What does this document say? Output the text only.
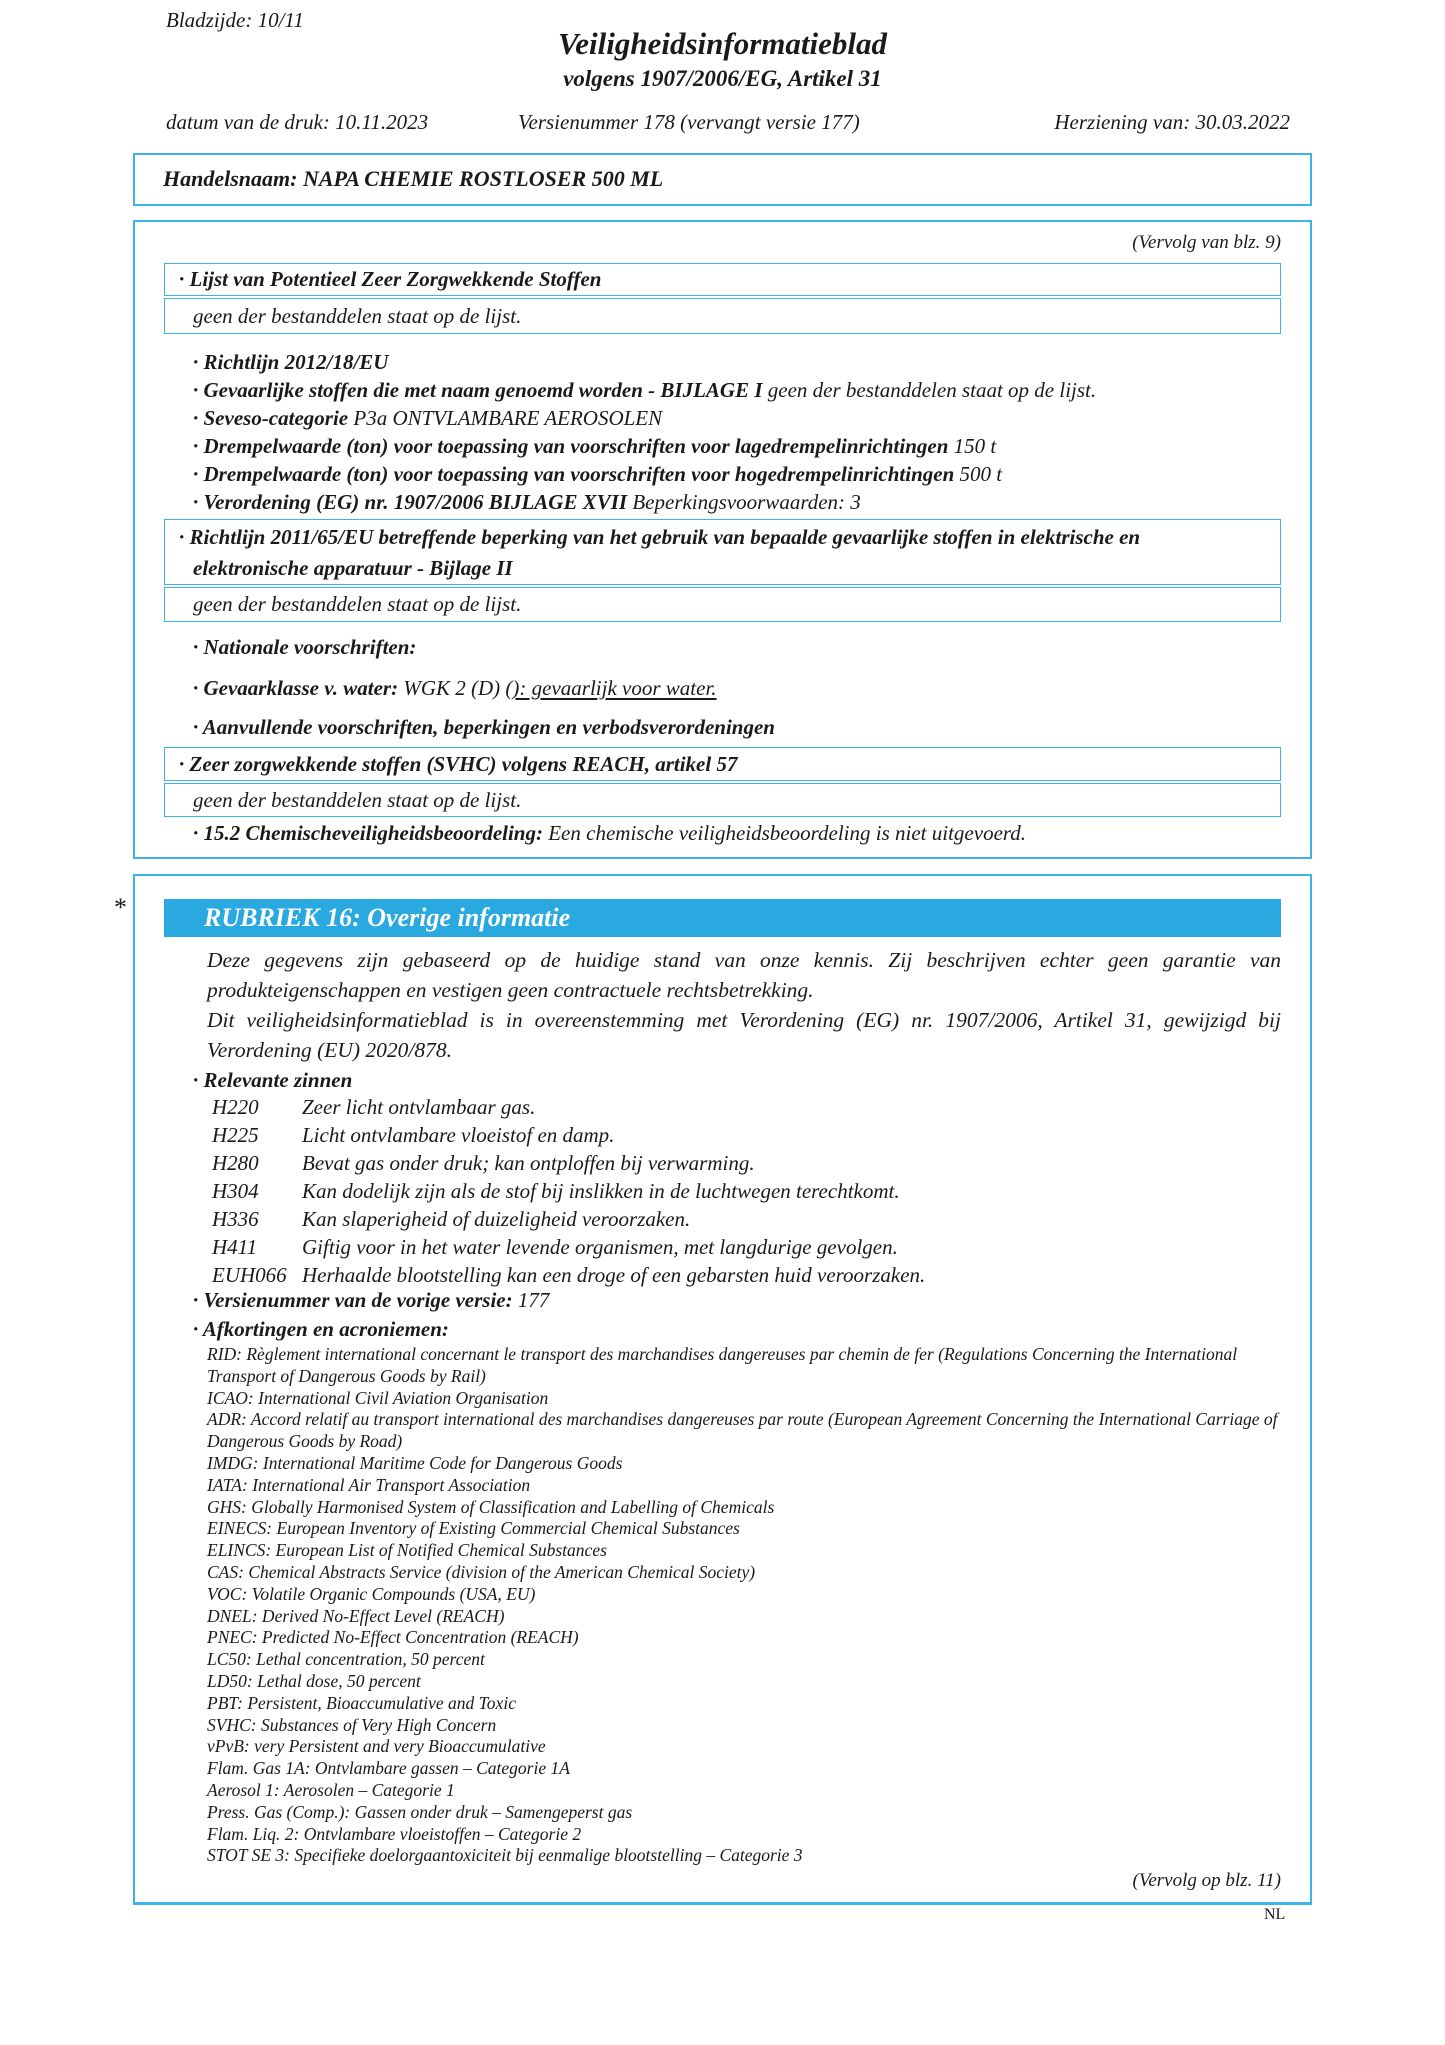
Bladzijde: 10/11
Veiligheidsinformatieblad
volgens 1907/2006/EG, Artikel 31
datum van de druk: 10.11.2023	Versienummer 178 (vervangt versie 177)	Herziening van: 30.03.2022
Handelsnaam: NAPA CHEMIE ROSTLOSER 500 ML
(Vervolg van blz. 9)
· Lijst van Potentieel Zeer Zorgwekkende Stoffen
geen der bestanddelen staat op de lijst.
· Richtlijn 2012/18/EU
· Gevaarlijke stoffen die met naam genoemd worden - BIJLAGE I geen der bestanddelen staat op de lijst.
· Seveso-categorie P3a ONTVLAMBARE AEROSOLEN
· Drempelwaarde (ton) voor toepassing van voorschriften voor lagedrempelinrichtingen 150 t
· Drempelwaarde (ton) voor toepassing van voorschriften voor hogedrempelinrichtingen 500 t
· Verordening (EG) nr. 1907/2006 BIJLAGE XVII Beperkingsvoorwaarden: 3
· Richtlijn 2011/65/EU betreffende beperking van het gebruik van bepaalde gevaarlijke stoffen in elektrische en elektronische apparatuur - Bijlage II
geen der bestanddelen staat op de lijst.
· Nationale voorschriften:
· Gevaarklasse v. water: WGK 2 (D) (): gevaarlijk voor water.
· Aanvullende voorschriften, beperkingen en verbodsverordeningen
· Zeer zorgwekkende stoffen (SVHC) volgens REACH, artikel 57
geen der bestanddelen staat op de lijst.
· 15.2 Chemischeveiligheidsbeoordeling: Een chemische veiligheidsbeoordeling is niet uitgevoerd.
*	RUBRIEK 16: Overige informatie

Deze gegevens zijn gebaseerd op de huidige stand van onze kennis. Zij beschrijven echter geen garantie van produkteigenschappen en vestigen geen contractuele rechtsbetrekking.

Dit veiligheidsinformatieblad is in overeenstemming met Verordening (EG) nr. 1907/2006, Artikel 31, gewijzigd bij Verordening (EU) 2020/878.

· Relevante zinnen
H220 Zeer licht ontvlambaar gas.
H225 Licht ontvlambare vloeistof en damp.
H280 Bevat gas onder druk; kan ontploffen bij verwarming.
H304 Kan dodelijk zijn als de stof bij inslikken in de luchtwegen terechtkomt.
H336 Kan slaperigheid of duizeligheid veroorzaken.
H411 Giftig voor in het water levende organismen, met langdurige gevolgen.
EUH066 Herhaalde blootstelling kan een droge of een gebarsten huid veroorzaken.
· Versienummer van de vorige versie: 177
· Afkortingen en acroniemen:
RID: Règlement international concernant le transport des marchandises dangereuses par chemin de fer (Regulations Concerning the International Transport of Dangerous Goods by Rail)
ICAO: International Civil Aviation Organisation
ADR: Accord relatif au transport international des marchandises dangereuses par route (European Agreement Concerning the International Carriage of Dangerous Goods by Road)
IMDG: International Maritime Code for Dangerous Goods
IATA: International Air Transport Association
GHS: Globally Harmonised System of Classification and Labelling of Chemicals
EINECS: European Inventory of Existing Commercial Chemical Substances
ELINCS: European List of Notified Chemical Substances
CAS: Chemical Abstracts Service (division of the American Chemical Society)
VOC: Volatile Organic Compounds (USA, EU)
DNEL: Derived No-Effect Level (REACH)
PNEC: Predicted No-Effect Concentration (REACH)
LC50: Lethal concentration, 50 percent
LD50: Lethal dose, 50 percent
PBT: Persistent, Bioaccumulative and Toxic
SVHC: Substances of Very High Concern
vPvB: very Persistent and very Bioaccumulative
Flam. Gas 1A: Ontvlambare gassen – Categorie 1A
Aerosol 1: Aerosolen – Categorie 1
Press. Gas (Comp.): Gassen onder druk – Samengeperst gas
Flam. Liq. 2: Ontvlambare vloeistoffen – Categorie 2
STOT SE 3: Specifieke doelorgaantoxiciteit bij eenmalige blootstelling – Categorie 3
(Vervolg op blz. 11)
NL
